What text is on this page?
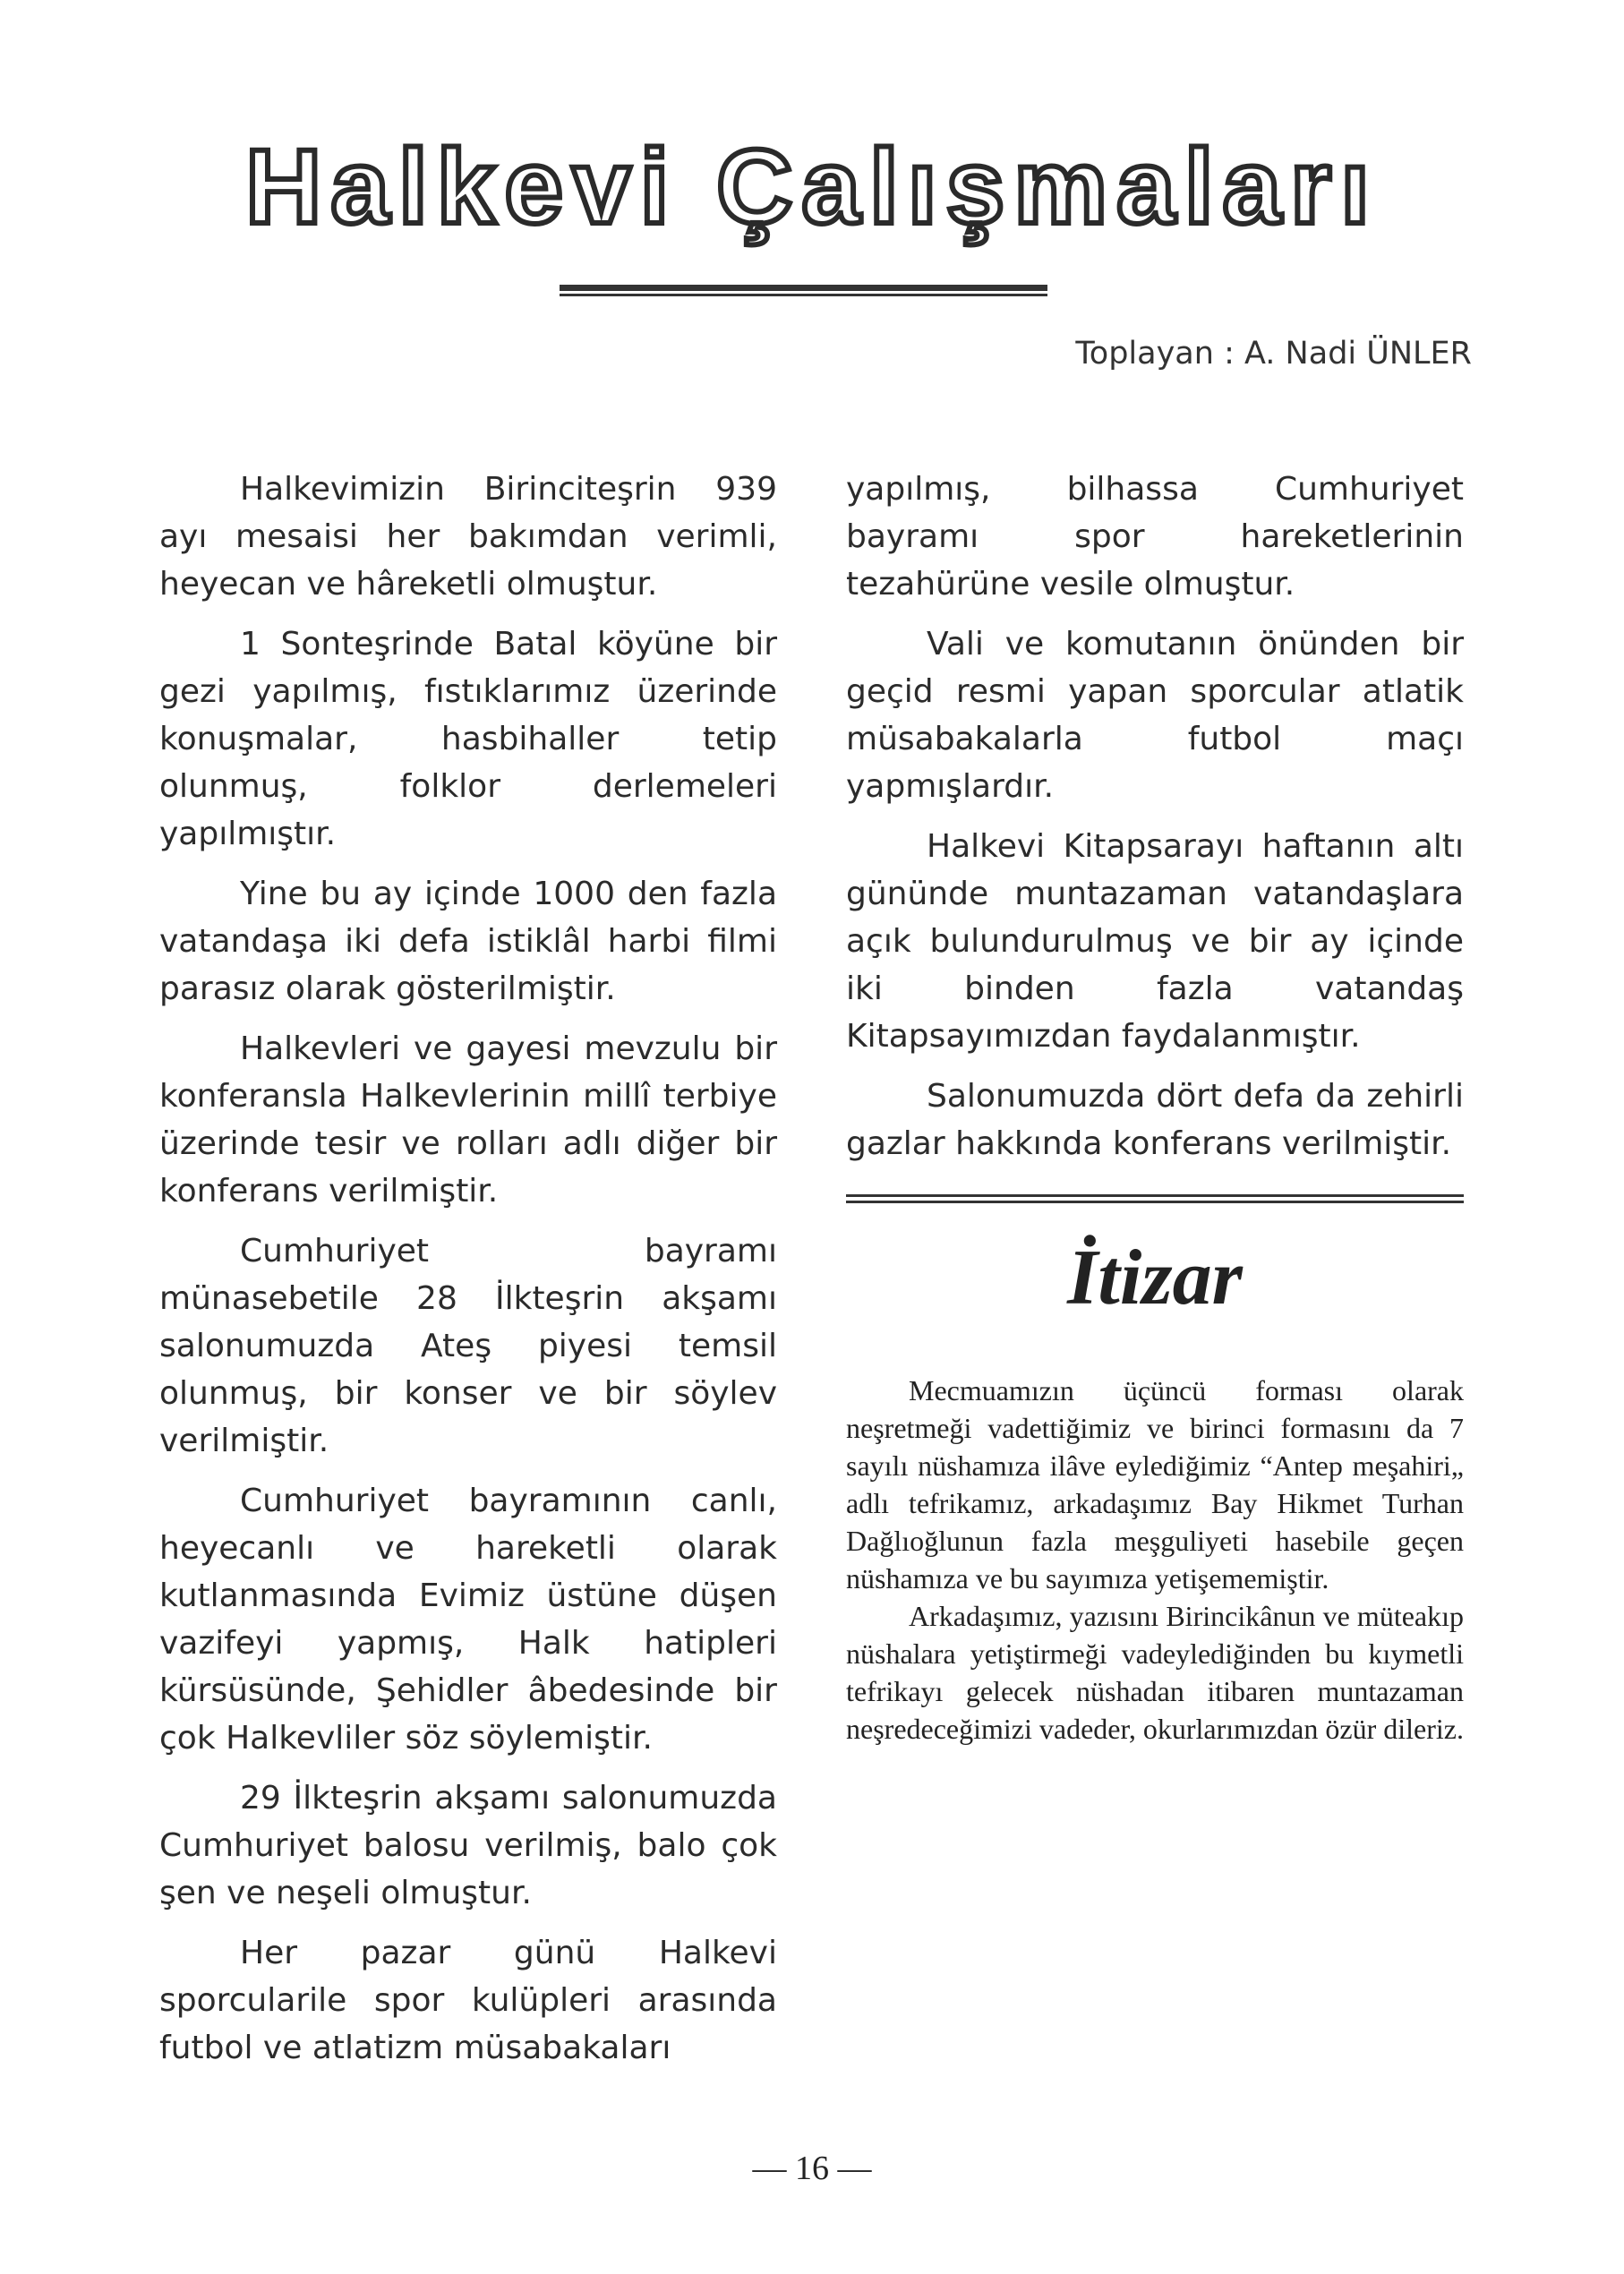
Halkevi Çalışmaları
Toplayan : A. Nadi ÜNLER

Halkevimizin Birinciteşrin 939 ayı mesaisi her bakımdan verimli, heyecan ve hâreketli olmuştur.

1 Sonteşrinde Batal köyüne bir gezi yapılmış, fıstıklarımız üzerinde konuşmalar, hasbihaller tetip olunmuş, folklor derlemeleri yapılmıştır.

Yine bu ay içinde 1000 den fazla vatandaşa iki defa istiklâl harbi filmi parasız olarak gösterilmiştir.

Halkevleri ve gayesi mevzulu bir konferansla Halkevlerinin millî terbiye üzerinde tesir ve rolları adlı diğer bir konferans verilmiştir.

Cumhuriyet bayramı münasebetile 28 İlkteşrin akşamı salonumuzda Ateş piyesi temsil olunmuş, bir konser ve bir söylev verilmiştir.

Cumhuriyet bayramının canlı, heyecanlı ve hareketli olarak kutlanmasında Evimiz üstüne düşen vazifeyi yapmış, Halk hatipleri kürsüsünde, Şehidler âbedesinde bir çok Halkevliler söz söylemiştir.

29 İlkteşrin akşamı salonumuzda Cumhuriyet balosu verilmiş, balo çok şen ve neşeli olmuştur.

Her pazar günü Halkevi sporcularile spor kulüpleri arasında futbol ve atlatizm müsabakaları

yapılmış, bilhassa Cumhuriyet bayramı spor hareketlerinin tezahürüne vesile olmuştur.

Vali ve komutanın önünden bir geçid resmi yapan sporcular atlatik müsabakalarla futbol maçı yapmışlardır.

Halkevi Kitapsarayı haftanın altı gününde muntazaman vatandaşlara açık bulundurulmuş ve bir ay içinde iki binden fazla vatandaş Kitapsayımızdan faydalanmıştır.

Salonumuzda dört defa da zehirli gazlar hakkında konferans verilmiştir.

İtizar

Mecmuamızın üçüncü forması olarak neşretmeği vadettiğimiz ve birinci formasını da 7 sayılı nüshamıza ilâve eylediğimiz “Antep meşahiri„ adlı tefrikamız, arkadaşımız Bay Hikmet Turhan Dağlıoğlunun fazla meşguliyeti hasebile geçen nüshamıza ve bu sayımıza yetişememiştir.

Arkadaşımız, yazısını Birincikânun ve müteakıp nüshalara yetiştirmeği vadeylediğinden bu kıymetli tefrikayı gelecek nüshadan itibaren muntazaman neşredeceğimizi vadeder, okurlarımızdan özür dileriz.

— 16 —
